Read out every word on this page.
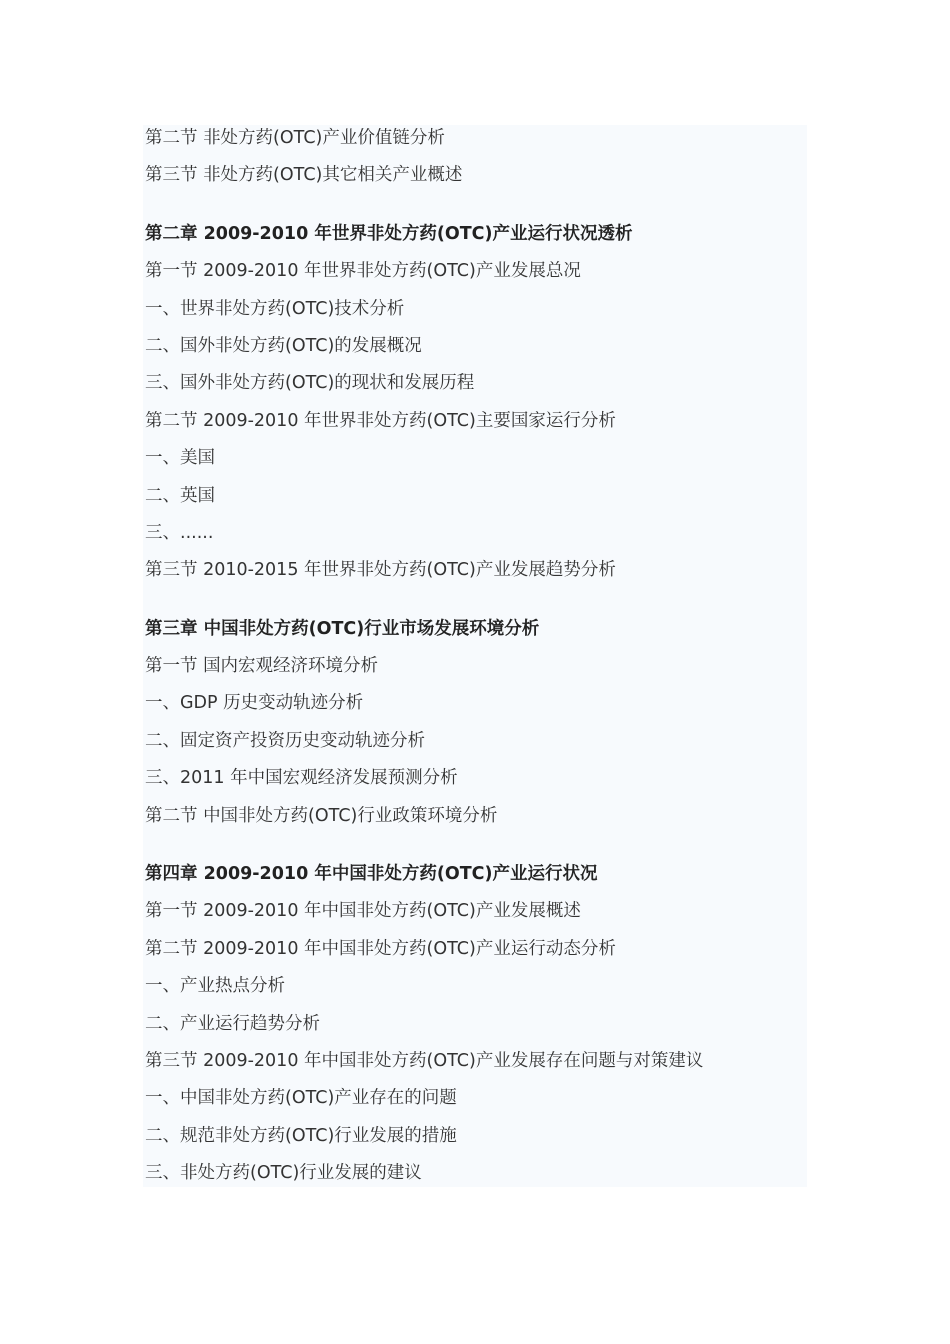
第二节 非处方药(OTC)产业价值链分析
第三节 非处方药(OTC)其它相关产业概述
第二章 2009-2010 年世界非处方药(OTC)产业运行状况透析
第一节 2009-2010 年世界非处方药(OTC)产业发展总况
一、世界非处方药(OTC)技术分析
二、国外非处方药(OTC)的发展概况
三、国外非处方药(OTC)的现状和发展历程
第二节 2009-2010 年世界非处方药(OTC)主要国家运行分析
一、美国
二、英国
三、......
第三节 2010-2015 年世界非处方药(OTC)产业发展趋势分析
第三章 中国非处方药(OTC)行业市场发展环境分析
第一节 国内宏观经济环境分析
一、GDP 历史变动轨迹分析
二、固定资产投资历史变动轨迹分析
三、2011 年中国宏观经济发展预测分析
第二节 中国非处方药(OTC)行业政策环境分析
第四章 2009-2010 年中国非处方药(OTC)产业运行状况
第一节 2009-2010 年中国非处方药(OTC)产业发展概述
第二节 2009-2010 年中国非处方药(OTC)产业运行动态分析
一、产业热点分析
二、产业运行趋势分析
第三节 2009-2010 年中国非处方药(OTC)产业发展存在问题与对策建议
一、中国非处方药(OTC)产业存在的问题
二、规范非处方药(OTC)行业发展的措施
三、非处方药(OTC)行业发展的建议
